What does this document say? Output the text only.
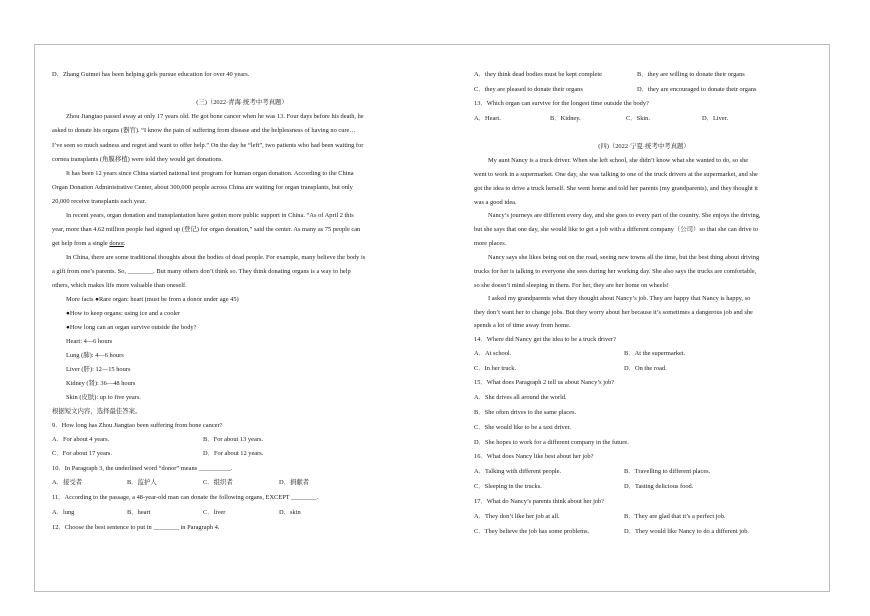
D．Zhang Guimei has been helping girls pursue education for over 40 years.
(三)（2022·青海·统考中考真题）
Zhou Jiangtao passed away at only 17 years old. He got bone cancer when he was 13. Four days before his death, he
asked to donate his organs (器官). “I know the pain of suffering from disease and the helplessness of having no cure…
I’ve seen so much sadness and regret and want to offer help.” On the day he “left”, two patients who had been waiting for
cornea transplants (角膜移植) were told they would get donations.
It has been 12 years since China started national test program for human organ donation. According to the China
Organ Donation Administrative Center, about 300,000 people across China are waiting for organ transplants, but only
20,000 receive transplants each year.
In recent years, organ donation and transplantation have gotten more public support in China. “As of April 2 this
year, more than 4.62 million people had signed up (登记) for organ donation,” said the center. As many as 75 people can
get help from a single donor.
In China, there are some traditional thoughts about the bodies of dead people. For example, many believe the body is
a gift from one’s parents. So, ________. But many others don’t think so. They think donating organs is a way to help
others, which makes life more valuable than oneself.
More facts ●Rare organ: heart (must be from a donor under age 45)
●How to keep organs: using ice and a cooler
●How long can an organ survive outside the body?
Heart: 4—6 hours
Lung (肺): 4—6 hours
Liver (肝): 12—15 hours
Kidney (肾): 36—48 hours
Skin (皮肤): up to five years.
根据短文内容，选择最佳答案。
9．How long has Zhou Jiangtao been suffering from bone cancer?
A．For about 4 years.	B．For about 13 years.
C．For about 17 years.	D．For about 12 years.
10．In Paragraph 3, the underlined word “donor” means __________.
A．接受者	B．监护人	C．组织者	D．捐献者
11．According to the passage, a 48-year-old man can donate the following organs, EXCEPT ________.
A．lung	B．heart	C．liver	D．skin
12．Choose the best sentence to put in ________ in Paragraph 4.
A．they think dead bodies must be kept complete	B．they are willing to donate their organs
C．they are pleased to donate their organs	D．they are encouraged to donate their organs
13．Which organ can survive for the longest time outside the body?
A．Heart.	B．Kidney.	C．Skin.	D．Liver.
(四)（2022·宁夏·统考中考真题）
My aunt Nancy is a truck driver. When she left school, she didn’t know what she wanted to do, so she
went to work in a supermarket. One day, she was talking to one of the truck drivers at the supermarket, and she
got the idea to drive a truck herself. She went home and told her parents (my grandparents), and they thought it
was a good idea.
Nancy’s journeys are different every day, and she goes to every part of the country. She enjoys the driving,
but she says that one day, she would like to get a job with a different company（公司）so that she can drive to
more places.
Nancy says she likes being out on the road, seeing new towns all the time, but the best thing about driving
trucks for her is talking to everyone she sees during her working day. She also says the trucks are comfortable,
so she doesn’t mind sleeping in them. For her, they are her home on wheels!
I asked my grandparents what they thought about Nancy’s job. They are happy that Nancy is happy, so
they don’t want her to change jobs. But they worry about her because it’s sometimes a dangerous job and she
spends a lot of time away from home.
14．Where did Nancy get the idea to be a truck driver?
A．At school.	B．At the supermarket.
C．In her truck.	D．On the road.
15．What does Paragraph 2 tell us about Nancy’s job?
A．She drives all around the world.
B．She often drives to the same places.
C．She would like to be a taxi driver.
D．She hopes to work for a different company in the future.
16．What does Nancy like best about her job?
A．Talking with different people.	B．Travelling to different places.
C．Sleeping in the trucks.	D．Tasting delicious food.
17．What do Nancy’s parents think about her job?
A．They don’t like her job at all.	B．They are glad that it’s a perfect job.
C．They believe the job has some problems.	D．They would like Nancy to do a different job.
